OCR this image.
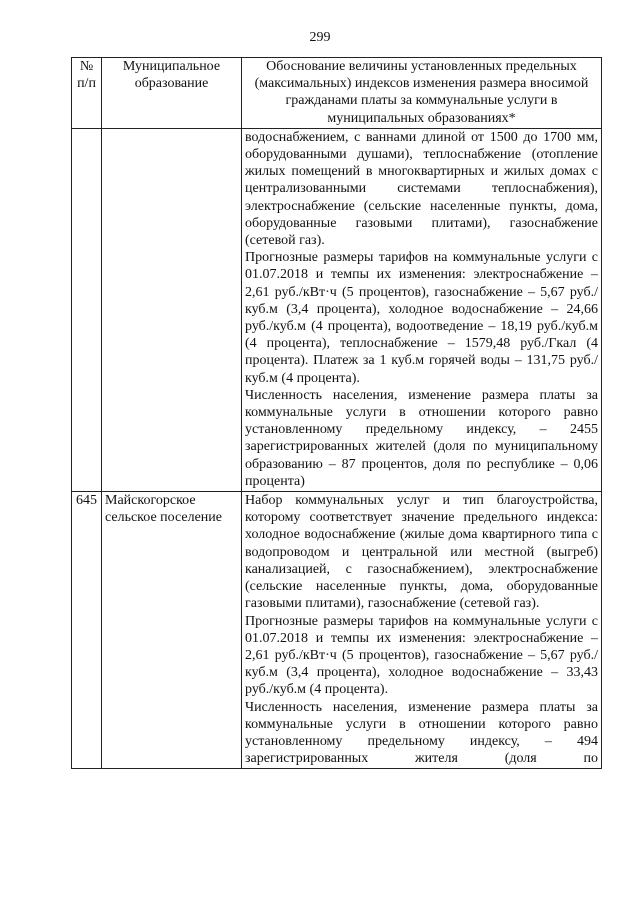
299
№ п/п	Муниципальное образование	Обоснование величины установленных предельных (максимальных) индексов изменения размера вносимой гражданами платы за коммунальные услуги в муниципальных образованиях*

		водоснабжением, с ваннами длиной от 1500 до 1700 мм, оборудованными душами), теплоснабжение (отопление жилых помещений в многоквартирных и жилых домах с централизованными системами теплоснабжения), электроснабжение (сельские населенные пункты, дома, оборудованные газовыми плитами), газоснабжение (сетевой газ).

Прогнозные размеры тарифов на коммунальные услуги с 01.07.2018 и темпы их изменения: электроснабжение – 2,61 руб./кВт·ч (5 процентов), газоснабжение – 5,67 руб./куб.м (3,4 процента), холодное водоснабжение – 24,66 руб./куб.м (4 процента), водоотведение – 18,19 руб./куб.м (4 процента), теплоснабжение – 1579,48 руб./Гкал (4 процента). Платеж за 1 куб.м горячей воды – 131,75 руб./куб.м (4 процента).

Численность населения, изменение размера платы за коммунальные услуги в отношении которого равно установленному предельному индексу, – 2455 зарегистрированных жителей (доля по муниципальному образованию – 87 процентов, доля по республике – 0,06 процента)

645	Майскогорское сельское поселение	Набор коммунальных услуг и тип благоустройства, которому соответствует значение предельного индекса: холодное водоснабжение (жилые дома квартирного типа с водопроводом и центральной или местной (выгреб) канализацией, с газоснабжением), электроснабжение (сельские населенные пункты, дома, оборудованные газовыми плитами), газоснабжение (сетевой газ).

Прогнозные размеры тарифов на коммунальные услуги с 01.07.2018 и темпы их изменения: электроснабжение – 2,61 руб./кВт·ч (5 процентов), газоснабжение – 5,67 руб./куб.м (3,4 процента), холодное водоснабжение – 33,43 руб./куб.м (4 процента).

Численность населения, изменение размера платы за коммунальные услуги в отношении которого равно установленному предельному индексу, – 494 зарегистрированных жителя (доля по
